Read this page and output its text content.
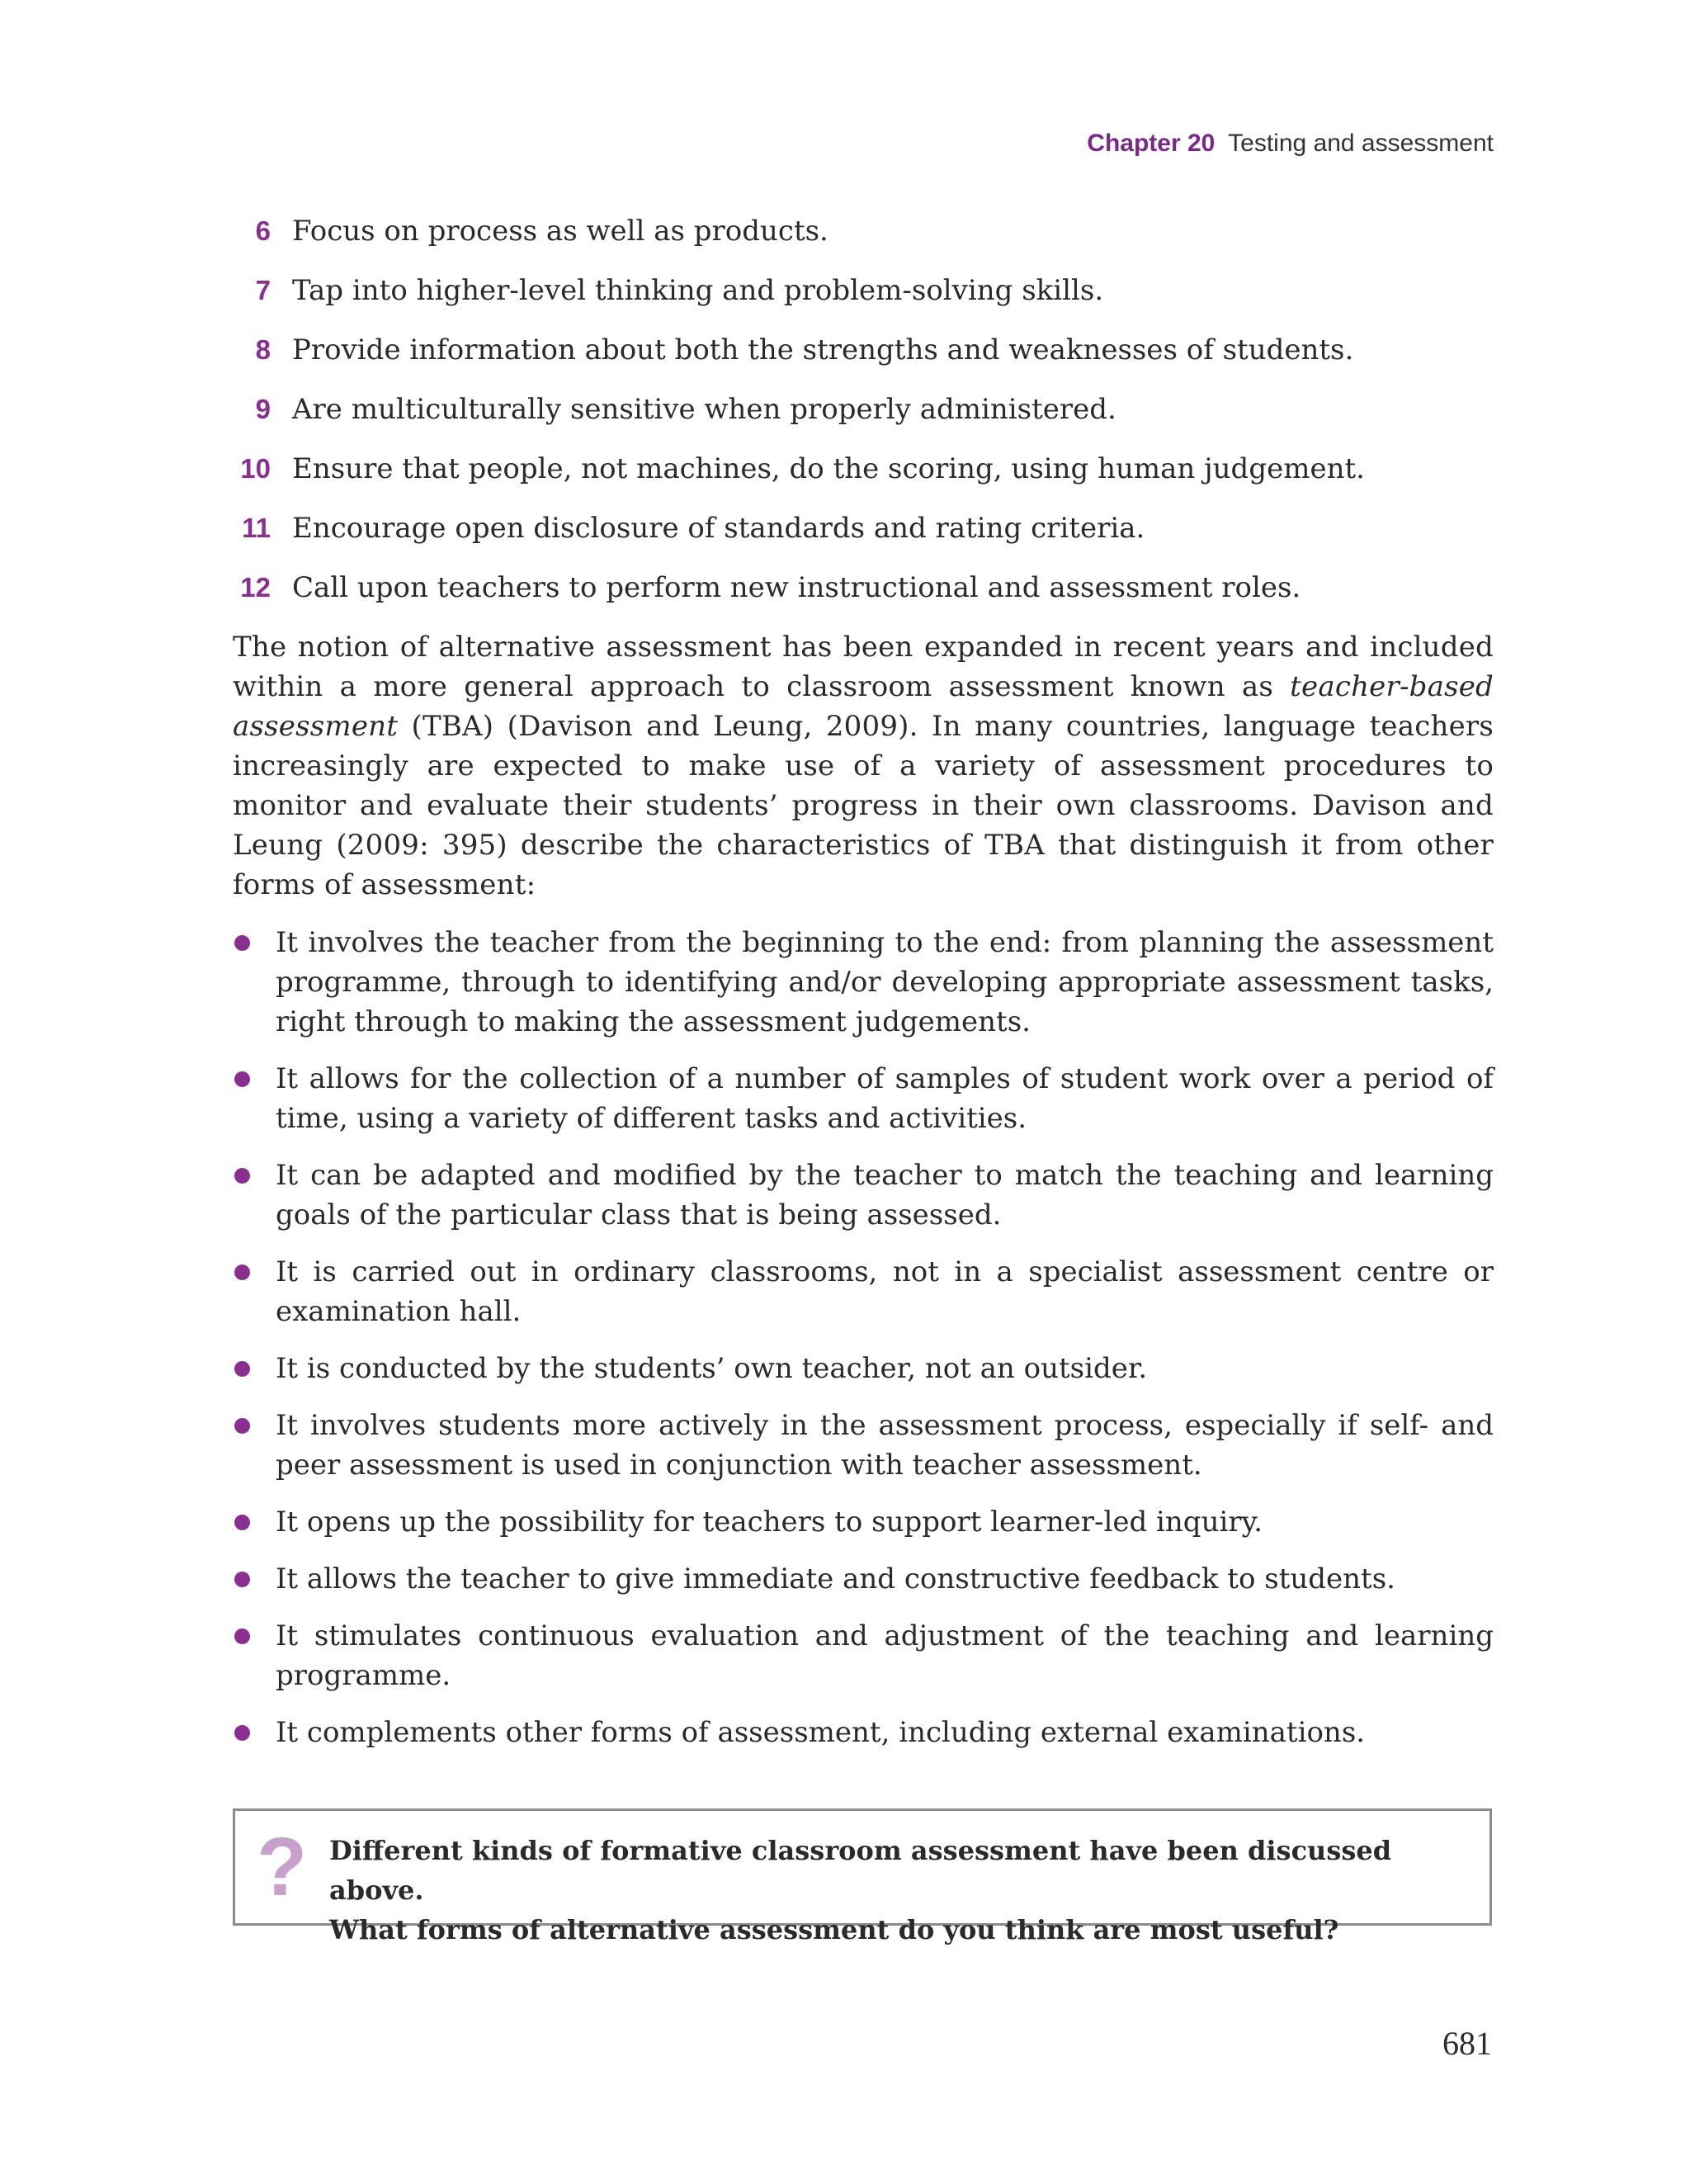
Chapter 20 Testing and assessment
6 Focus on process as well as products.
7 Tap into higher-level thinking and problem-solving skills.
8 Provide information about both the strengths and weaknesses of students.
9 Are multiculturally sensitive when properly administered.
10 Ensure that people, not machines, do the scoring, using human judgement.
11 Encourage open disclosure of standards and rating criteria.
12 Call upon teachers to perform new instructional and assessment roles.

The notion of alternative assessment has been expanded in recent years and included within a more general approach to classroom assessment known as teacher-based assessment (TBA) (Davison and Leung, 2009). In many countries, language teachers increasingly are expected to make use of a variety of assessment procedures to monitor and evaluate their students’ progress in their own classrooms. Davison and Leung (2009: 395) describe the characteristics of TBA that distinguish it from other forms of assessment:

It involves the teacher from the beginning to the end: from planning the assessment programme, through to identifying and/or developing appropriate assessment tasks, right through to making the assessment judgements.
It allows for the collection of a number of samples of student work over a period of time, using a variety of different tasks and activities.
It can be adapted and modified by the teacher to match the teaching and learning goals of the particular class that is being assessed.
It is carried out in ordinary classrooms, not in a specialist assessment centre or examination hall.
It is conducted by the students’ own teacher, not an outsider.
It involves students more actively in the assessment process, especially if self- and peer assessment is used in conjunction with teacher assessment.
It opens up the possibility for teachers to support learner-led inquiry.
It allows the teacher to give immediate and constructive feedback to students.
It stimulates continuous evaluation and adjustment of the teaching and learning programme.
It complements other forms of assessment, including external examinations.
? Different kinds of formative classroom assessment have been discussed above.
What forms of alternative assessment do you think are most useful?
681
